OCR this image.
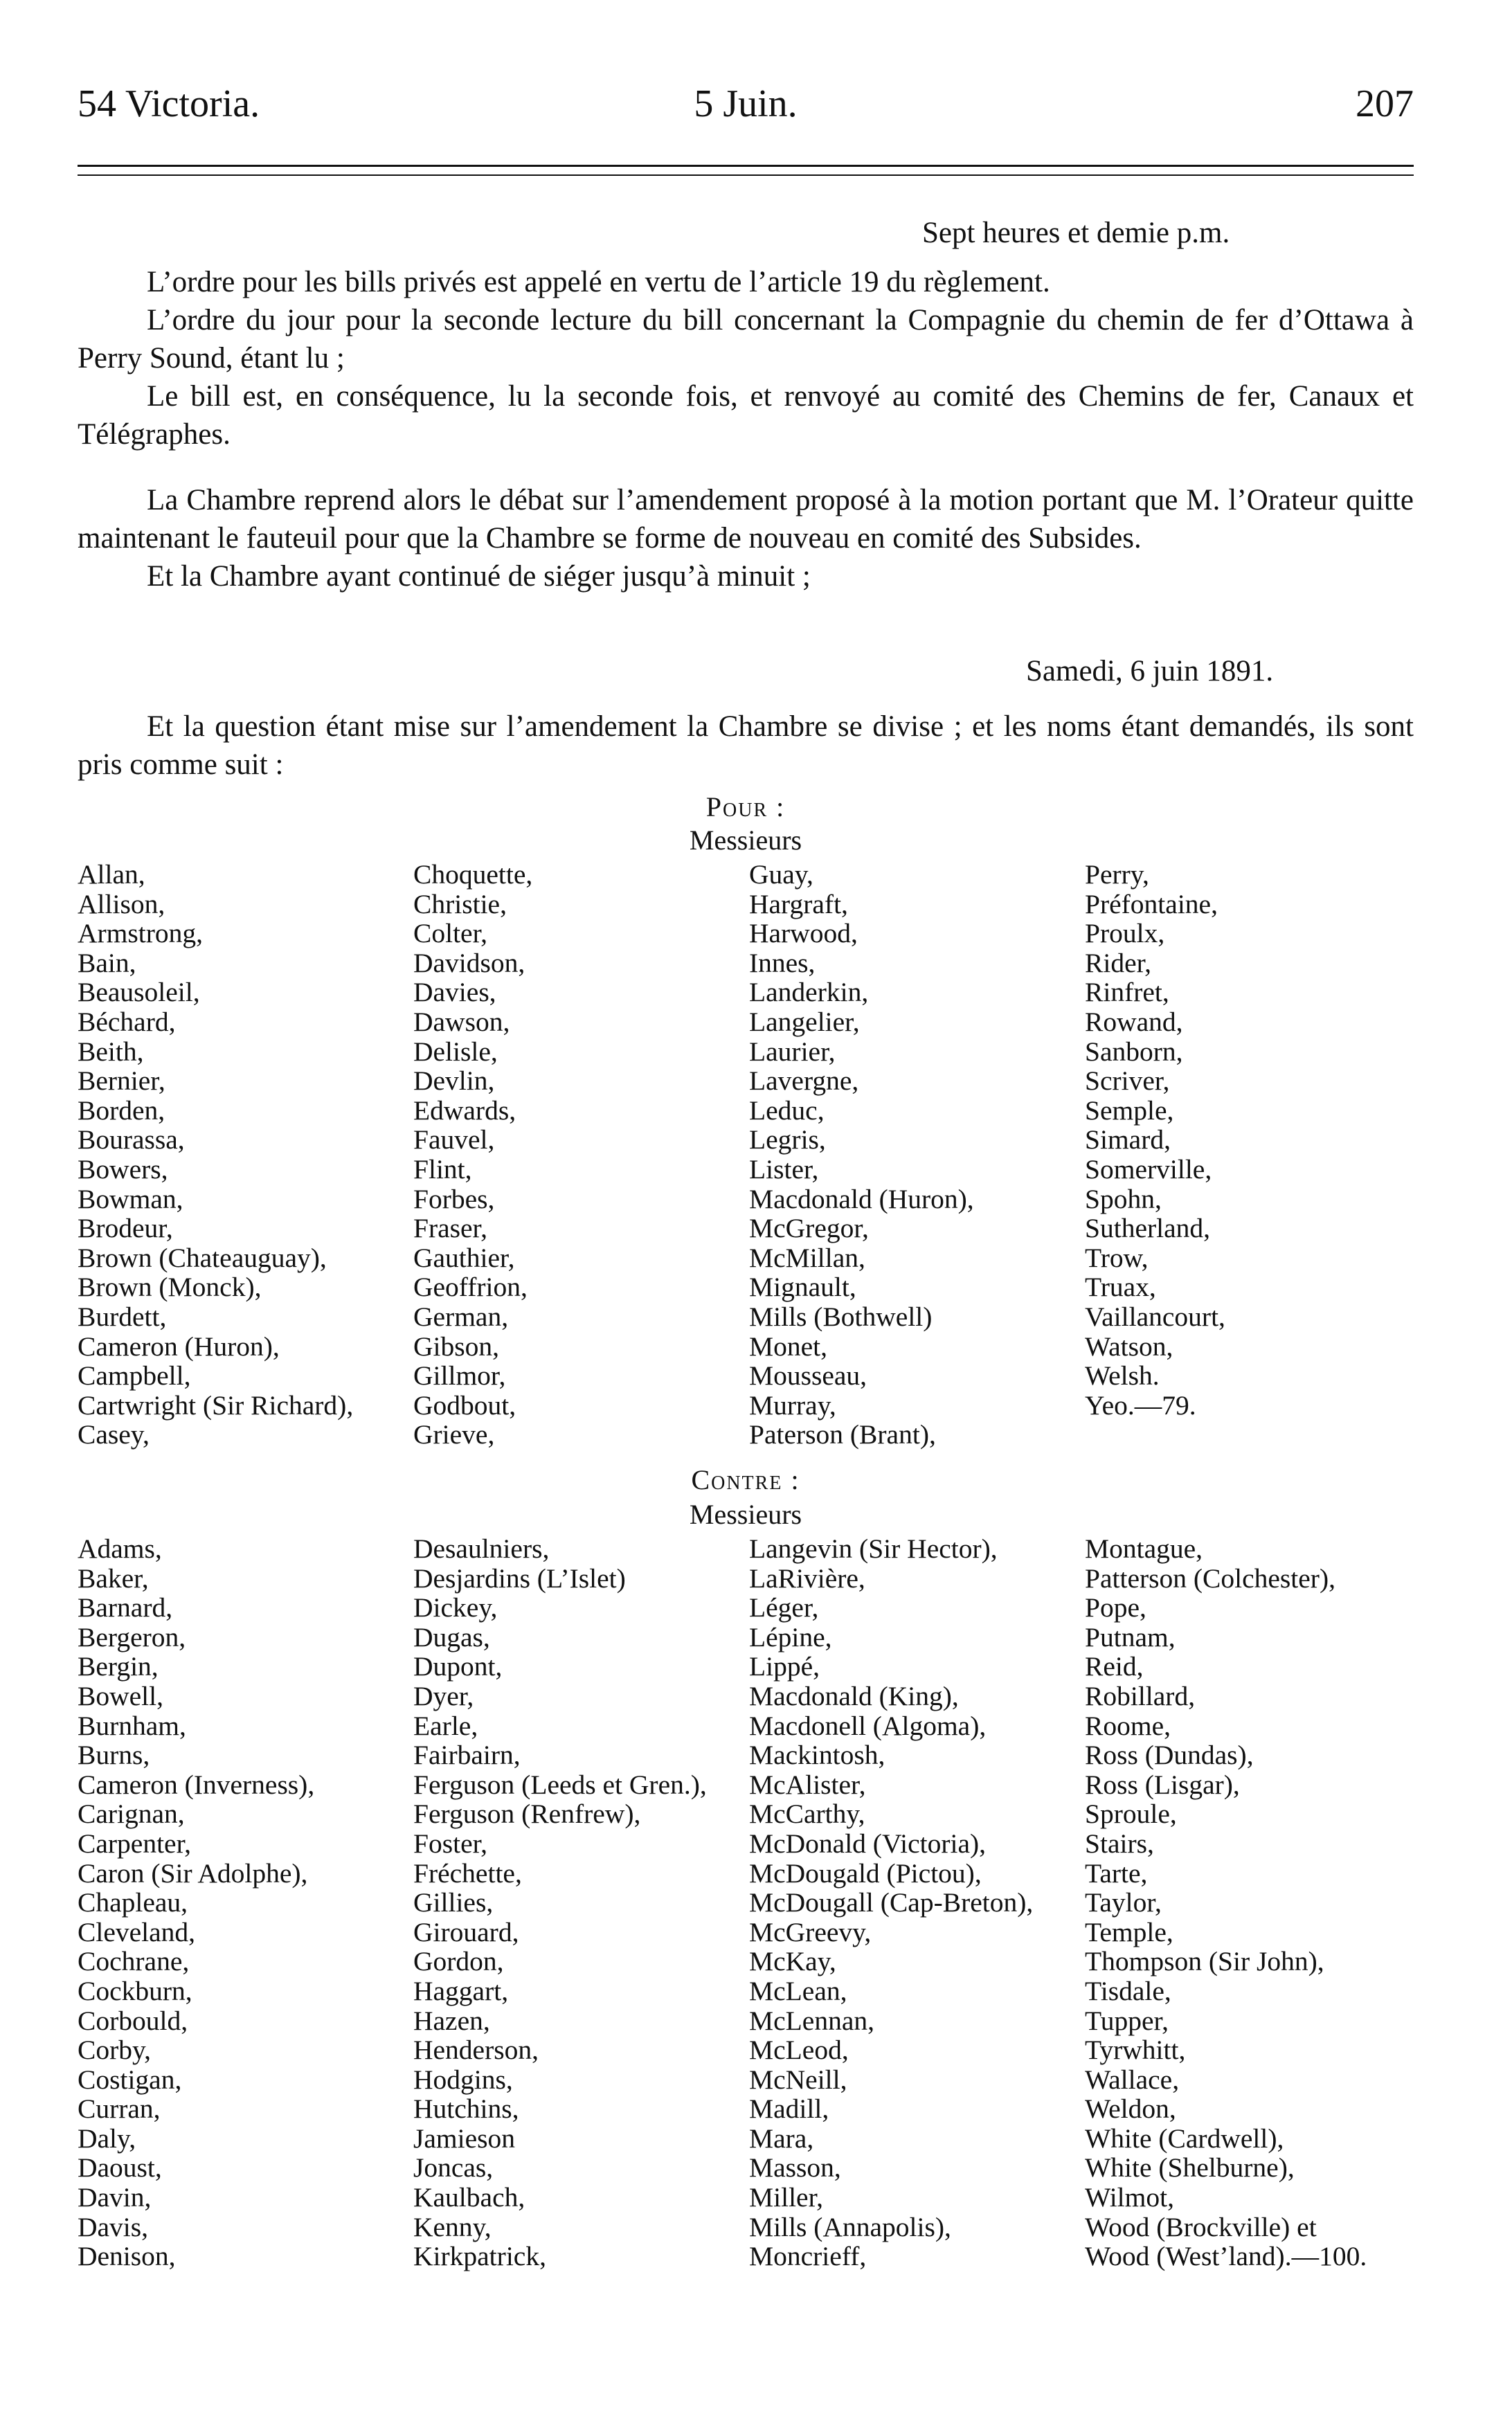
54 Victoria.	5 Juin.	207
Sept heures et demie p.m.

L’ordre pour les bills privés est appelé en vertu de l’article 19 du règlement.

L’ordre du jour pour la seconde lecture du bill concernant la Compagnie du chemin de fer d’Ottawa à Perry Sound, étant lu ;

Le bill est, en conséquence, lu la seconde fois, et renvoyé au comité des Chemins de fer, Canaux et Télégraphes.

La Chambre reprend alors le débat sur l’amendement proposé à la motion portant que M. l’Orateur quitte maintenant le fauteuil pour que la Chambre se forme de nouveau en comité des Subsides.

Et la Chambre ayant continué de siéger jusqu’à minuit ;

Samedi, 6 juin 1891.

Et la question étant mise sur l’amendement la Chambre se divise ; et les noms étant demandés, ils sont pris comme suit :

Pour :
Messieurs
Allan,
Allison,
Armstrong,
Bain,
Beausoleil,
Béchard,
Beith,
Bernier,
Borden,
Bourassa,
Bowers,
Bowman,
Brodeur,
Brown (Chateauguay),
Brown (Monck),
Burdett,
Cameron (Huron),
Campbell,
Cartwright (Sir Richard),
Casey,
Choquette,
Christie,
Colter,
Davidson,
Davies,
Dawson,
Delisle,
Devlin,
Edwards,
Fauvel,
Flint,
Forbes,
Fraser,
Gauthier,
Geoffrion,
German,
Gibson,
Gillmor,
Godbout,
Grieve,
Guay,
Hargraft,
Harwood,
Innes,
Landerkin,
Langelier,
Laurier,
Lavergne,
Leduc,
Legris,
Lister,
Macdonald (Huron),
McGregor,
McMillan,
Mignault,
Mills (Bothwell)
Monet,
Mousseau,
Murray,
Paterson (Brant),
Perry,
Préfontaine,
Proulx,
Rider,
Rinfret,
Rowand,
Sanborn,
Scriver,
Semple,
Simard,
Somerville,
Spohn,
Sutherland,
Trow,
Truax,
Vaillancourt,
Watson,
Welsh.
Yeo.—79.
Contre :
Messieurs
Adams,
Baker,
Barnard,
Bergeron,
Bergin,
Bowell,
Burnham,
Burns,
Cameron (Inverness),
Carignan,
Carpenter,
Caron (Sir Adolphe),
Chapleau,
Cleveland,
Cochrane,
Cockburn,
Corbould,
Corby,
Costigan,
Curran,
Daly,
Daoust,
Davin,
Davis,
Denison,
Desaulniers,
Desjardins (L’Islet)
Dickey,
Dugas,
Dupont,
Dyer,
Earle,
Fairbairn,
Ferguson (Leeds et Gren.),
Ferguson (Renfrew),
Foster,
Fréchette,
Gillies,
Girouard,
Gordon,
Haggart,
Hazen,
Henderson,
Hodgins,
Hutchins,
Jamieson
Joncas,
Kaulbach,
Kenny,
Kirkpatrick,
Langevin (Sir Hector),
LaRivière,
Léger,
Lépine,
Lippé,
Macdonald (King),
Macdonell (Algoma),
Mackintosh,
McAlister,
McCarthy,
McDonald (Victoria),
McDougald (Pictou),
McDougall (Cap-Breton),
McGreevy,
McKay,
McLean,
McLennan,
McLeod,
McNeill,
Madill,
Mara,
Masson,
Miller,
Mills (Annapolis),
Moncrieff,
Montague,
Patterson (Colchester),
Pope,
Putnam,
Reid,
Robillard,
Roome,
Ross (Dundas),
Ross (Lisgar),
Sproule,
Stairs,
Tarte,
Taylor,
Temple,
Thompson (Sir John),
Tisdale,
Tupper,
Tyrwhitt,
Wallace,
Weldon,
White (Cardwell),
White (Shelburne),
Wilmot,
Wood (Brockville) et
Wood (West’land).—100.
